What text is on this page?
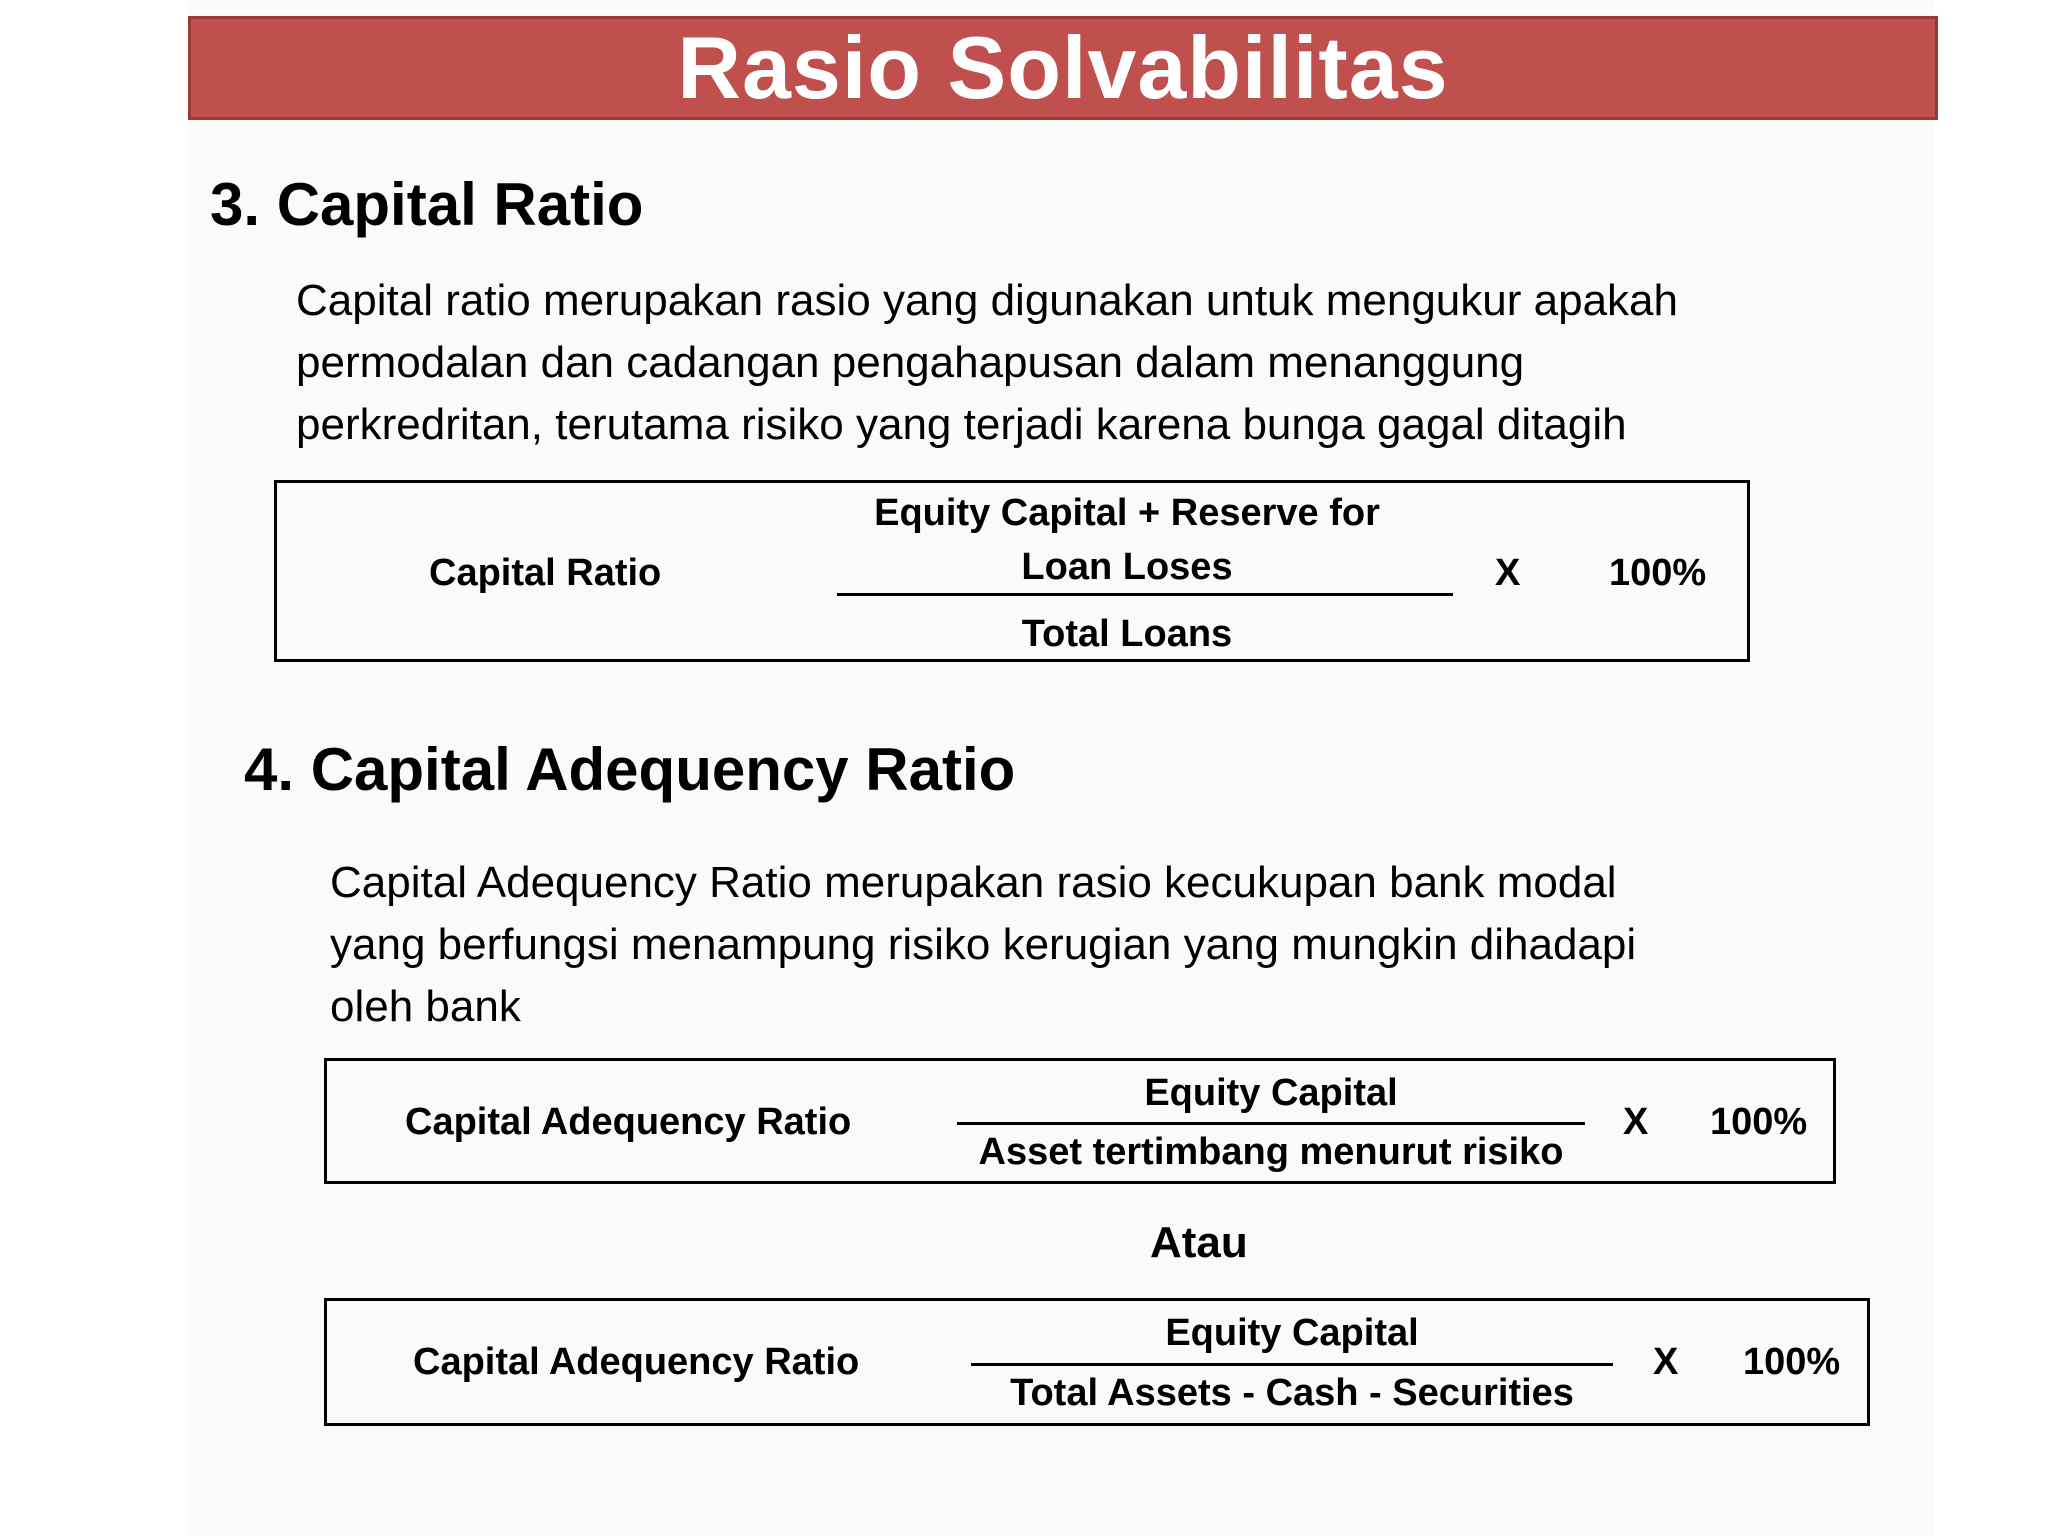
Rasio Solvabilitas
3. Capital Ratio
Capital ratio merupakan rasio yang digunakan untuk mengukur apakah
permodalan dan cadangan pengahapusan dalam menanggung
perkredritan, terutama risiko yang terjadi karena bunga gagal ditagih
Capital Ratio
Equity Capital + Reserve for
Loan Loses
Total Loans
X 100%
4. Capital Adequency Ratio
Capital Adequency Ratio merupakan rasio kecukupan bank modal
yang berfungsi menampung risiko kerugian yang mungkin dihadapi
oleh bank
Capital Adequency Ratio
Equity Capital
Asset tertimbang menurut risiko
X 100%
Atau
Capital Adequency Ratio
Equity Capital
Total Assets - Cash - Securities
X 100%
